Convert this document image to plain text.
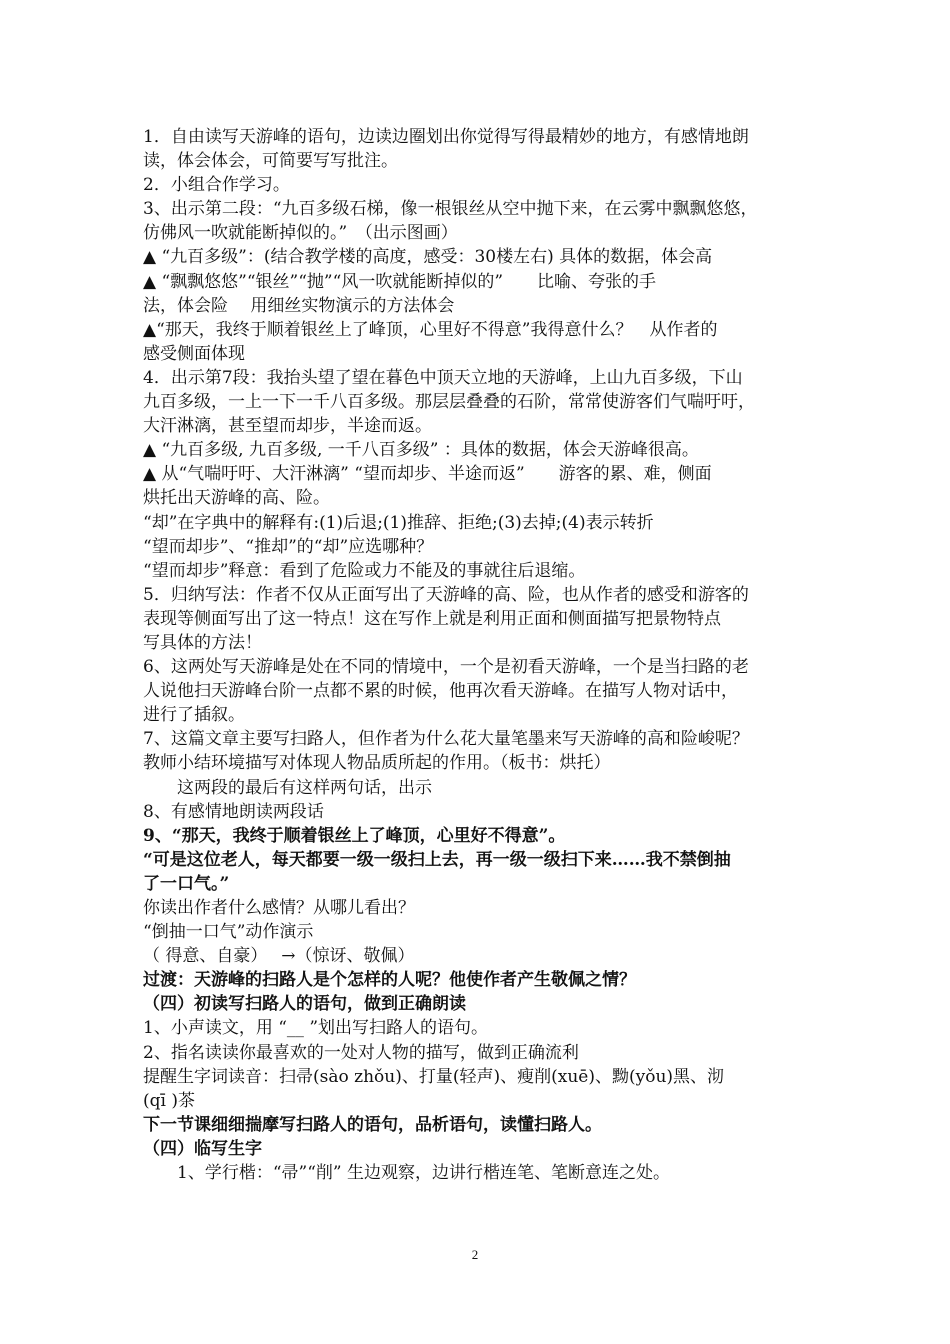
1．自由读写天游峰的语句，边读边圈划出你觉得写得最精妙的地方，有感情地朗
读，体会体会，可简要写写批注。
2．小组合作学习。
3、出示第二段：“九百多级石梯，像一根银丝从空中抛下来，在云雾中飘飘悠悠，
仿佛风一吹就能断掉似的。”　（出示图画）
▲ “九百多级”：(结合教学楼的高度，感受：30楼左右) 具体的数据，体会高
▲ “飘飘悠悠”“银丝”“抛”“风一吹就能断掉似的”　　比喻、夸张的手
法，体会险　 用细丝实物演示的方法体会
▲“那天，我终于顺着银丝上了峰顶，心里好不得意”我得意什么？　从作者的
感受侧面体现
4．出示第7段：我抬头望了望在暮色中顶天立地的天游峰，上山九百多级，下山
九百多级，一上一下一千八百多级。那层层叠叠的石阶，常常使游客们气喘吁吁，
大汗淋漓，甚至望而却步，半途而返。
▲ “九百多级, 九百多级, 一千八百多级” ：具体的数据，体会天游峰很高。
▲ 从“气喘吁吁、大汗淋漓” “望而却步、半途而返”　　游客的累、难，侧面
烘托出天游峰的高、险。
“却”在字典中的解释有:(1)后退;(1)推辞、拒绝;(3)去掉;(4)表示转折
“望而却步”、“推却”的“却”应选哪种？
“望而却步”释意：看到了危险或力不能及的事就往后退缩。
5．归纳写法：作者不仅从正面写出了天游峰的高、险，也从作者的感受和游客的
表现等侧面写出了这一特点！这在写作上就是利用正面和侧面描写把景物特点
写具体的方法！
6、这两处写天游峰是处在不同的情境中，一个是初看天游峰，一个是当扫路的老
人说他扫天游峰台阶一点都不累的时候，他再次看天游峰。在描写人物对话中，
进行了插叙。
7、这篇文章主要写扫路人，但作者为什么花大量笔墨来写天游峰的高和险峻呢？
教师小结环境描写对体现人物品质所起的作用。（板书：烘托）
　　这两段的最后有这样两句话，出示
8、有感情地朗读两段话
9、“那天，我终于顺着银丝上了峰顶，心里好不得意”。
“可是这位老人，每天都要一级一级扫上去，再一级一级扫下来……我不禁倒抽
了一口气。”
你读出作者什么感情？从哪儿看出？
“倒抽一口气”动作演示
（ 得意、自豪）　 →（惊讶、敬佩）
过渡：天游峰的扫路人是个怎样的人呢？他使作者产生敬佩之情？
（四）初读写扫路人的语句，做到正确朗读
1、小声读文，用 “__ ”划出写扫路人的语句。
2、指名读读你最喜欢的一处对人物的描写，做到正确流利
提醒生字词读音：扫帚(sào zhǒu)、打量(轻声)、瘦削(xuē)、黝(yǒu)黑、沏
(qī )茶
下一节课细细揣摩写扫路人的语句，品析语句，读懂扫路人。
（四）临写生字
　　1、学行楷：“帚”“削” 生边观察，边讲行楷连笔、笔断意连之处。
2
